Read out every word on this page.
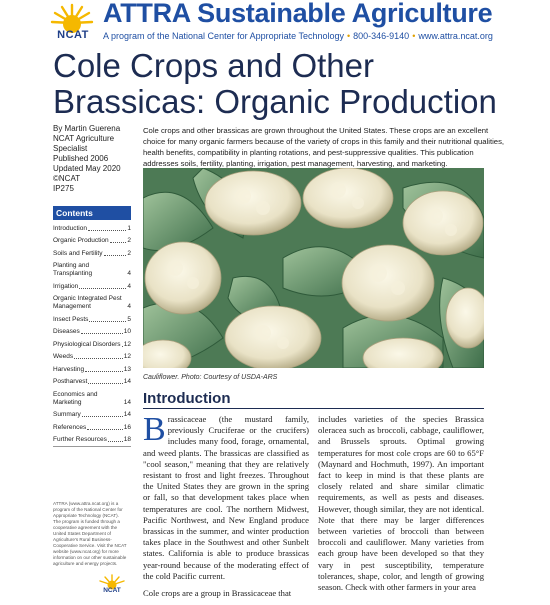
NCAT
ATTRA Sustainable Agriculture
A program of the National Center for Appropriate Technology • 800-346-9140 • www.attra.ncat.org
Cole Crops and Other Brassicas: Organic Production
By Martin Guerena
NCAT Agriculture
Specialist
Published 2006
Updated May 2020
©NCAT
IP275
Contents
Introduction	1
Organic Production	2
Soils and Fertility	2
Planting and Transplanting	4
Irrigation	4
Organic Integrated Pest Management	4
Insect Pests	5
Diseases	10
Physiological Disorders 12
Weeds	12
Harvesting	13
Postharvest	14
Economics and Marketing	14
Summary	14
References	16
Further Resources	18
ATTRA (www.attra.ncat.org) is a program of the National Center for Appropriate Technology (NCAT). The program is funded through a cooperative agreement with the United States Department of Agriculture's Rural Business-Cooperative Service. Visit the NCAT website (www.ncat.org) for more information on our other sustainable agriculture and energy projects.
NCAT
Cole crops and other brassicas are grown throughout the United States. These crops are an excellent choice for many organic farmers because of the variety of crops in this family and their nutritional qualities, health benefits, compatibility in planting rotations, and pest-suppressive qualities. This publication addresses soils, fertility, planting, irrigation, pest management, harvesting, and marketing.
Cauliflower. Photo: Courtesy of USDA-ARS
Introduction

Brassicaceae (the mustard family, previously Cruciferae or the crucifers) includes many food, forage, ornamental, and weed plants. The brassicas are classified as "cool season," meaning that they are relatively resistant to frost and light freezes. Throughout the United States they are grown in the spring or fall, so that development takes place when temperatures are cool. The northern Midwest, Pacific Northwest, and New England produce brassicas in the summer, and winter production takes place in the Southwest and other Sunbelt states. California is able to produce brassicas year-round because of the moderating effect of the cold Pacific current.

Cole crops are a group in Brassicaceae that

includes varieties of the species Brassica oleracea such as broccoli, cabbage, cauliflower, and Brussels sprouts. Optimal growing temperatures for most cole crops are 60 to 65°F (Maynard and Hochmuth, 1997). An important fact to keep in mind is that these plants are closely related and share similar climatic requirements, as well as pests and diseases. However, though similar, they are not identical. Note that there may be larger differences between varieties of broccoli than between broccoli and cauliflower. Many varieties from each group have been developed so that they vary in pest susceptibility, temperature tolerances, shape, color, and length of growing season. Check with other farmers in your area
